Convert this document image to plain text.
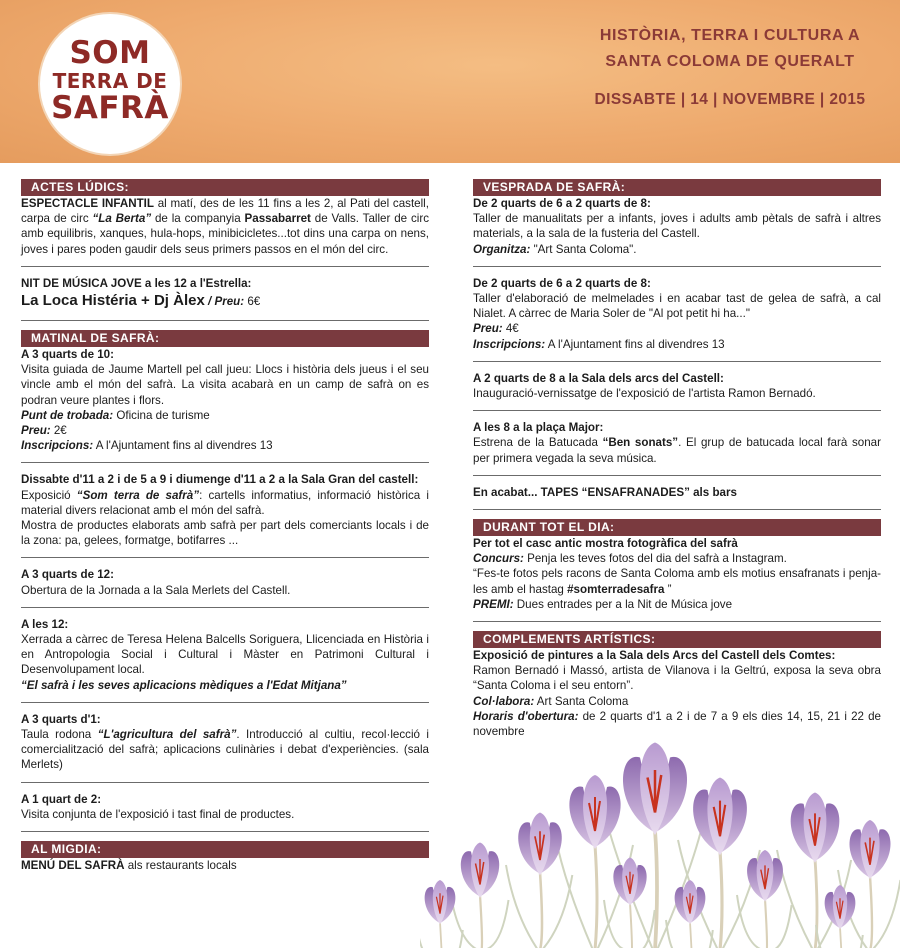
SOM
TERRA DE
SAFRÀ
HISTÒRIA, TERRA I CULTURA A
SANTA COLOMA DE QUERALT
DISSABTE | 14 | NOVEMBRE | 2015
ACTES LÚDICS:

ESPECTACLE INFANTIL al matí, des de les 11 fins a les 2, al Pati del castell, carpa de circ “La Berta” de la companyia Passabarret de Valls. Taller de circ amb equilibris, xanques, hula-hops, minibicicletes...tot dins una carpa on nens, joves i pares poden gaudir dels seus primers passos en el món del circ.

NIT DE MÚSICA JOVE a les 12 a l'Estrella:

La Loca Histéria + Dj Àlex / Preu: 6€

MATINAL DE SAFRÀ:

A 3 quarts de 10:

Visita guiada de Jaume Martell pel call jueu: Llocs i història dels jueus i el seu vincle amb el món del safrà. La visita acabarà en un camp de safrà on es podran veure plantes i flors.

Punt de trobada: Oficina de turisme

Preu: 2€

Inscripcions: A l'Ajuntament fins al divendres 13

Dissabte d'11 a 2 i de 5 a 9 i diumenge d'11 a 2 a la Sala Gran del castell:

Exposició “Som terra de safrà”: cartells informatius, informació històrica i material divers relacionat amb el món del safrà.

Mostra de productes elaborats amb safrà per part dels comerciants locals i de la zona: pa, gelees, formatge, botifarres ...

A 3 quarts de 12:

Obertura de la Jornada a la Sala Merlets del Castell.

A les 12:

Xerrada a càrrec de Teresa Helena Balcells Soriguera, Llicenciada en Història i en Antropologia Social i Cultural i Màster en Patrimoni Cultural i Desenvolupament local.

“El safrà i les seves aplicacions mèdiques a l'Edat Mitjana”

A 3 quarts d'1:

Taula rodona “L'agricultura del safrà”. Introducció al cultiu, recol·lecció i comercialització del safrà; aplicacions culinàries i debat d'experiències. (sala Merlets)

A 1 quart de 2:

Visita conjunta de l'exposició i tast final de productes.

AL MIGDIA:

MENÚ DEL SAFRÀ als restaurants locals

VESPRADA DE SAFRÀ:

De 2 quarts de 6 a 2 quarts de 8:

Taller de manualitats per a infants, joves i adults amb pètals de safrà i altres materials, a la sala de la fusteria del Castell.

Organitza: "Art Santa Coloma".

De 2 quarts de 6 a 2 quarts de 8:

Taller d'elaboració de melmelades i en acabar tast de gelea de safrà, a cal Nialet. A càrrec de Maria Soler de "Al pot petit hi ha..."

Preu: 4€

Inscripcions: A l'Ajuntament fins al divendres 13

A 2 quarts de 8 a la Sala dels arcs del Castell:

Inauguració-vernissatge de l'exposició de l'artista Ramon Bernadó.

A les 8 a la plaça Major:

Estrena de la Batucada “Ben sonats”. El grup de batucada local farà sonar per primera vegada la seva música.

En acabat... TAPES “ENSAFRANADES” als bars

DURANT TOT EL DIA:

Per tot el casc antic mostra fotogràfica del safrà

Concurs: Penja les teves fotos del dia del safrà a Instagram.

“Fes-te fotos pels racons de Santa Coloma amb els motius ensafranats i penja-les amb el hastag #somterradesafra ”

PREMI: Dues entrades per a la Nit de Música jove

COMPLEMENTS ARTÍSTICS:

Exposició de pintures a la Sala dels Arcs del Castell dels Comtes:

Ramon Bernadó i Massó, artista de Vilanova i la Geltrú, exposa la seva obra “Santa Coloma i el seu entorn”.

Col·labora: Art Santa Coloma

Horaris d'obertura: de 2 quarts d'1 a 2 i de 7 a 9 els dies 14, 15, 21 i 22 de novembre
